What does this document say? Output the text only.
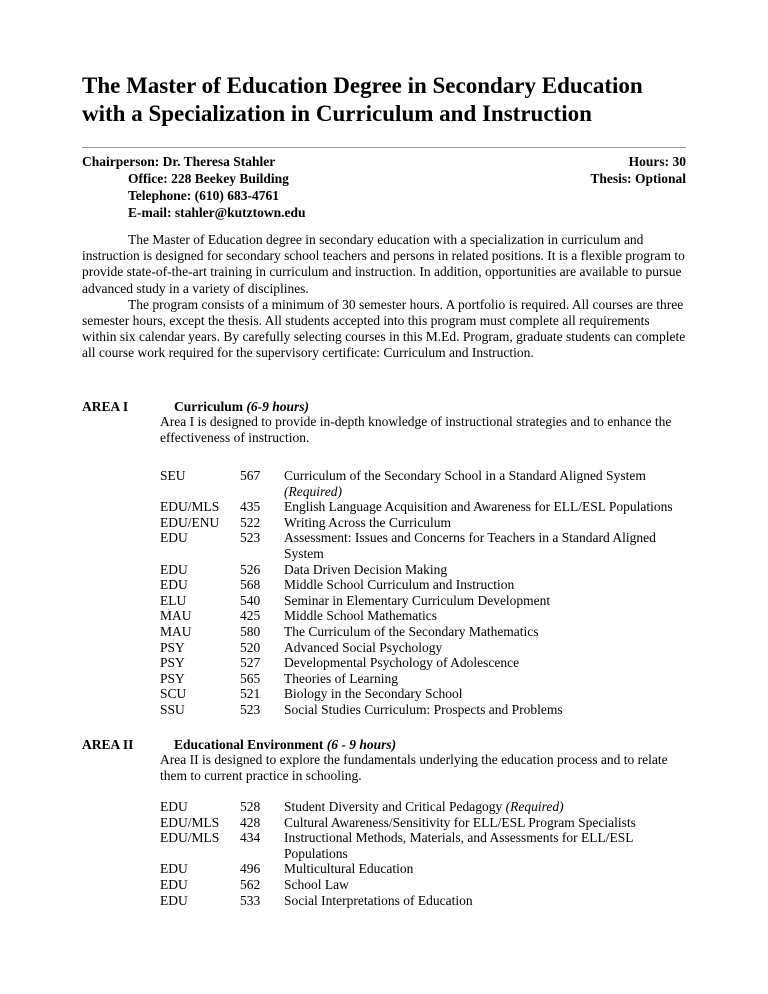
The Master of Education Degree in Secondary Education
with a Specialization in Curriculum and Instruction
Chairperson: Dr. Theresa Stahler
Office: 228 Beekey Building
Telephone: (610) 683-4761
E-mail: stahler@kutztown.edu
Hours: 30
Thesis: Optional

The Master of Education degree in secondary education with a specialization in curriculum and instruction is designed for secondary school teachers and persons in related positions. It is a flexible program to provide state-of-the-art training in curriculum and instruction. In addition, opportunities are available to pursue advanced study in a variety of disciplines.

The program consists of a minimum of 30 semester hours. A portfolio is required. All courses are three semester hours, except the thesis. All students accepted into this program must complete all requirements within six calendar years. By carefully selecting courses in this M.Ed. Program, graduate students can complete all course work required for the supervisory certificate: Curriculum and Instruction.

AREA I	Curriculum (6-9 hours)
Area I is designed to provide in-depth knowledge of instructional strategies and to enhance the effectiveness of instruction.
SEU	567	Curriculum of the Secondary School in a Standard Aligned System (Required)
EDU/MLS	435	English Language Acquisition and Awareness for ELL/ESL Populations
EDU/ENU	522	Writing Across the Curriculum
EDU	523	Assessment: Issues and Concerns for Teachers in a Standard Aligned System
EDU	526	Data Driven Decision Making
EDU	568	Middle School Curriculum and Instruction
ELU	540	Seminar in Elementary Curriculum Development
MAU	425	Middle School Mathematics
MAU	580	The Curriculum of the Secondary Mathematics
PSY	520	Advanced Social Psychology
PSY	527	Developmental Psychology of Adolescence
PSY	565	Theories of Learning
SCU	521	Biology in the Secondary School
SSU	523	Social Studies Curriculum: Prospects and Problems
AREA II	Educational Environment (6 - 9 hours)
Area II is designed to explore the fundamentals underlying the education process and to relate them to current practice in schooling.
EDU	528	Student Diversity and Critical Pedagogy (Required)
EDU/MLS	428	Cultural Awareness/Sensitivity for ELL/ESL Program Specialists
EDU/MLS	434	Instructional Methods, Materials, and Assessments for ELL/ESL Populations
EDU	496	Multicultural Education
EDU	562	School Law
EDU	533	Social Interpretations of Education
